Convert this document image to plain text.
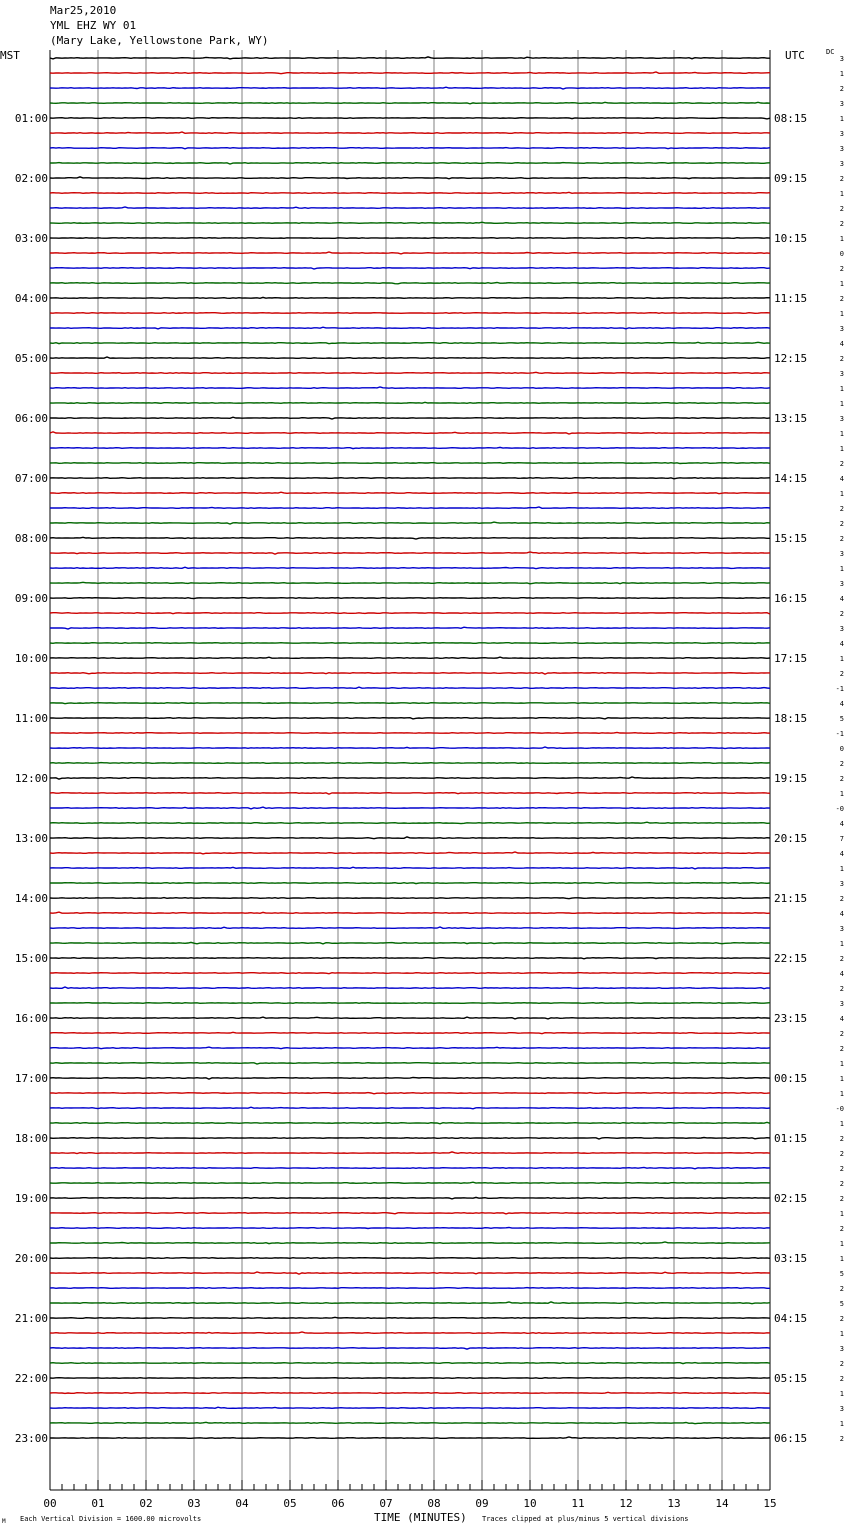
Mar25,2010
YML EHZ WY 01
(Mary Lake, Yellowstone Park, WY)
MST	UTC	DC
3
1
2
3
1
3
3
3
2
1
2
2
1
0
2
1
2
1
3
4
2
3
1
1
3
1
1
2
4
1
2
2
2
3
1
3
4
2
3
4
1
2
-1
4
5
-1
0
2
2
1
-0
4
7
4
1
3
2
4
3
1
2
4
2
3
4
2
2
1
1
1
-0
1
2
2
2
2
2
1
2
1
1
5
2
5
2
1
3
2
2
1
3
1
2
01:00
02:00
03:00
04:00
05:00
06:00
07:00
08:00
09:00
10:00
11:00
12:00
13:00
14:00
15:00
16:00
17:00
18:00
19:00
20:00
21:00
22:00
23:00
08:15
09:15
10:15
11:15
12:15
13:15
14:15
15:15
16:15
17:15
18:15
19:15
20:15
21:15
22:15
23:15
00:15
01:15
02:15
03:15
04:15
05:15
06:15
00	01	02	03	04	05	06	07	08	09	10	11	12	13	14	15
TIME (MINUTES)
Each Vertical Division = 1600.00 microvolts	Traces clipped at plus/minus 5 vertical divisions
M
